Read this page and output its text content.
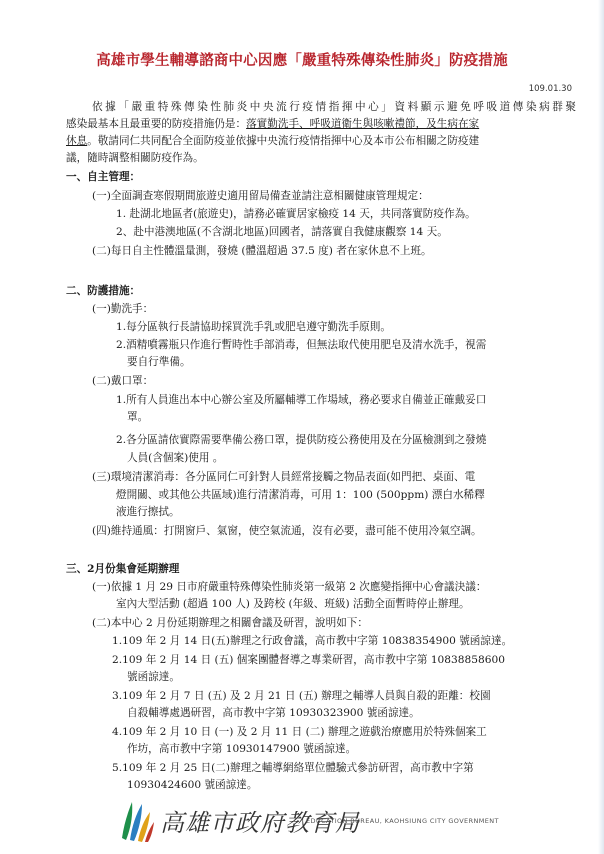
高雄市學生輔導諮商中心因應「嚴重特殊傳染性肺炎」防疫措施
109.01.30
依據「嚴重特殊傳染性肺炎中央流行疫情指揮中心」資料顯示避免呼吸道傳染病群聚
感染最基本且最重要的防疫措施仍是：落實勤洗手、呼吸道衛生與咳嗽禮節，及生病在家
休息。敬請同仁共同配合全面防疫並依據中央流行疫情指揮中心及本市公布相關之防疫建
議，隨時調整相關防疫作為。
一、自主管理：
(一)全面調查寒假期間旅遊史適用留局備查並請注意相關健康管理規定：
1. 赴湖北地區者(旅遊史)，請務必確實居家檢疫 14 天，共同落實防疫作為。
2、赴中港澳地區(不含湖北地區)回國者，請落實自我健康觀察 14 天。
(二)每日自主性體溫量測，發燒 (體溫超過 37.5 度) 者在家休息不上班。
二、防護措施：
(一)勤洗手：
1.每分區執行長請協助採買洗手乳或肥皂遵守勤洗手原則。
2.酒精噴霧瓶只作進行暫時性手部消毒，但無法取代使用肥皂及清水洗手，視需
要自行準備。
(二)戴口罩：
1.所有人員進出本中心辦公室及所屬輔導工作場域，務必要求自備並正確戴妥口
罩。
2.各分區請依實際需要準備公務口罩，提供防疫公務使用及在分區檢測到之發燒
人員(含個案)使用 。
(三)環境清潔消毒：各分區同仁可針對人員經常接觸之物品表面(如門把、桌面、電
燈開關、或其他公共區域)進行清潔消毒，可用 1：100 (500ppm) 漂白水稀釋
液進行擦拭。
(四)維持通風：打開窗戶、氣窗，使空氣流通，沒有必要，盡可能不使用冷氣空調。
三、2月份集會延期辦理
(一)依據 1 月 29 日市府嚴重特殊傳染性肺炎第一級第 2 次應變指揮中心會議決議：
室內大型活動 (超過 100 人) 及跨校 (年級、班級) 活動全面暫時停止辦理。
(二)本中心 2 月份延期辦理之相關會議及研習，說明如下：
1.109 年 2 月 14 日(五)辦理之行政會議，高市教中字第 10838354900 號函諒達。
2.109 年 2 月 14 日 (五) 個案團體督導之專業研習，高市教中字第 10838858600
號函諒達。
3.109 年 2 月 7 日 (五) 及 2 月 21 日 (五) 辦理之輔導人員與自殺的距離：校園
自殺輔導處遇研習，高市教中字第 10930323900 號函諒達。
4.109 年 2 月 10 日 (一) 及 2 月 11 日 (二) 辦理之遊戲治療應用於特殊個案工
作坊，高市教中字第 10930147900 號函諒達。
5.109 年 2 月 25 日(二)辦理之輔導網絡單位體驗式參訪研習，高市教中字第
10930424600 號函諒達。
高雄市政府教育局
EDUCATION BUREAU, KAOHSIUNG CITY GOVERNMENT
